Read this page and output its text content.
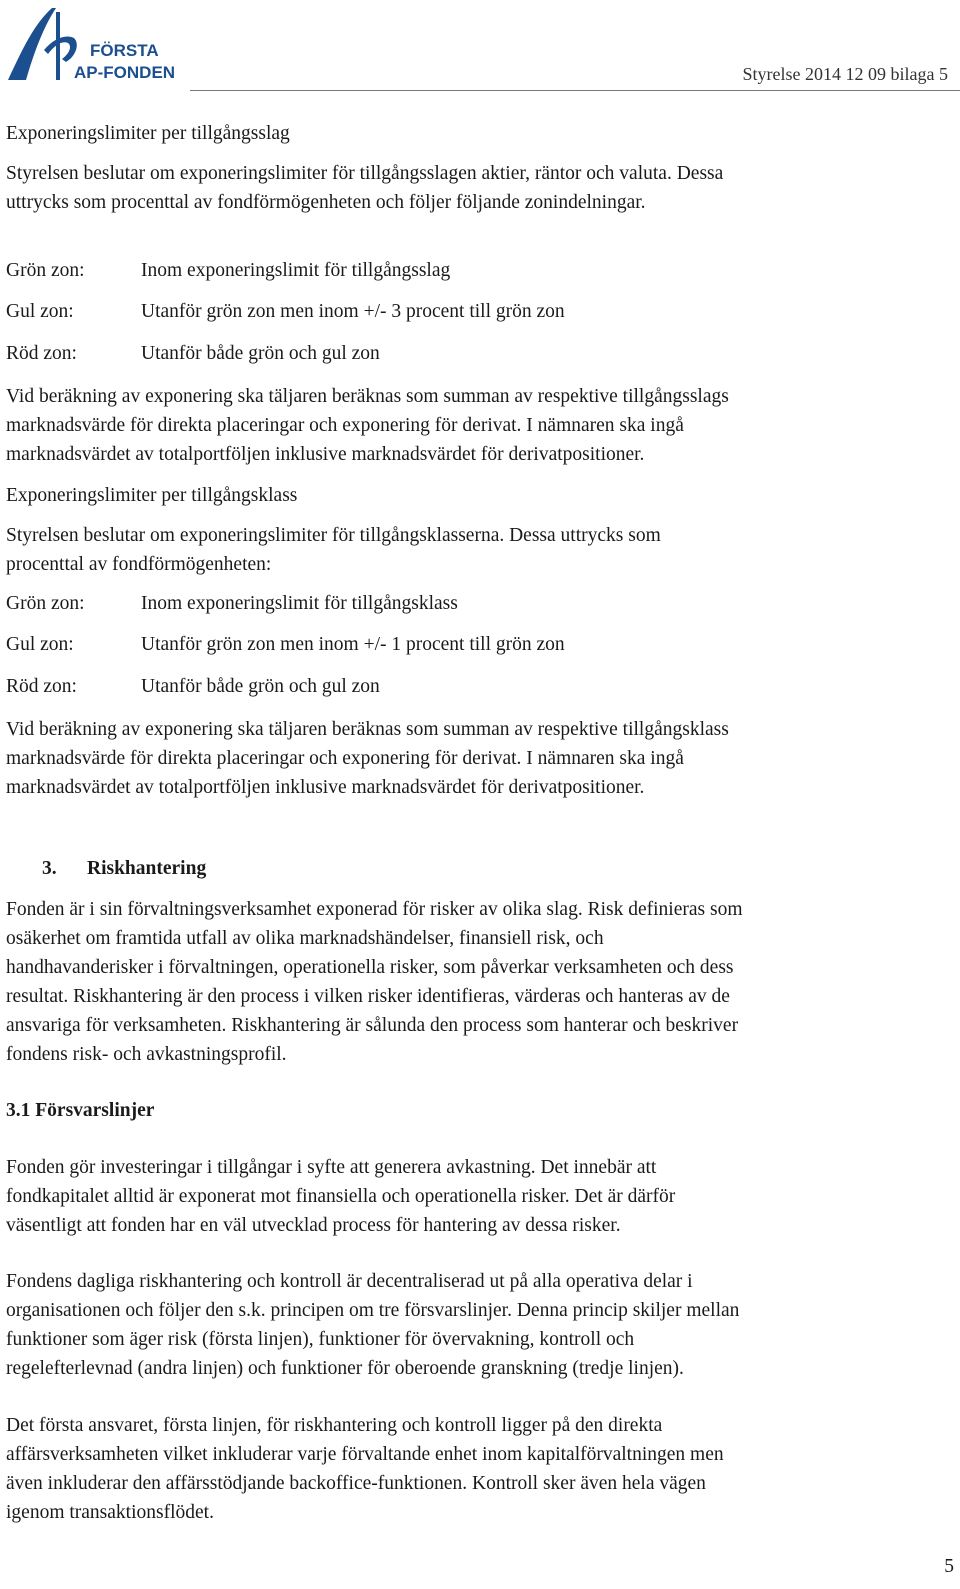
FÖRSTA
AP-FONDEN	Styrelse 2014 12 09 bilaga 5
Exponeringslimiter per tillgångsslag
Styrelsen beslutar om exponeringslimiter för tillgångsslagen aktier, räntor och valuta. Dessa
uttrycks som procenttal av fondförmögenheten och följer följande zonindelningar.
Grön zon:	Inom exponeringslimit för tillgångsslag
Gul zon:	Utanför grön zon men inom +/- 3 procent till grön zon
Röd zon:	Utanför både grön och gul zon
Vid beräkning av exponering ska täljaren beräknas som summan av respektive tillgångsslags
marknadsvärde för direkta placeringar och exponering för derivat. I nämnaren ska ingå
marknadsvärdet av totalportföljen inklusive marknadsvärdet för derivatpositioner.
Exponeringslimiter per tillgångsklass
Styrelsen beslutar om exponeringslimiter för tillgångsklasserna. Dessa uttrycks som
procenttal av fondförmögenheten:
Grön zon:	Inom exponeringslimit för tillgångsklass
Gul zon:	Utanför grön zon men inom +/- 1 procent till grön zon
Röd zon:	Utanför både grön och gul zon
Vid beräkning av exponering ska täljaren beräknas som summan av respektive tillgångsklass
marknadsvärde för direkta placeringar och exponering för derivat. I nämnaren ska ingå
marknadsvärdet av totalportföljen inklusive marknadsvärdet för derivatpositioner.
3. Riskhantering
Fonden är i sin förvaltningsverksamhet exponerad för risker av olika slag. Risk definieras som
osäkerhet om framtida utfall av olika marknadshändelser, finansiell risk, och
handhavanderisker i förvaltningen, operationella risker, som påverkar verksamheten och dess
resultat. Riskhantering är den process i vilken risker identifieras, värderas och hanteras av de
ansvariga för verksamheten. Riskhantering är sålunda den process som hanterar och beskriver
fondens risk- och avkastningsprofil.
3.1 Försvarslinjer
Fonden gör investeringar i tillgångar i syfte att generera avkastning. Det innebär att
fondkapitalet alltid är exponerat mot finansiella och operationella risker. Det är därför
väsentligt att fonden har en väl utvecklad process för hantering av dessa risker.
Fondens dagliga riskhantering och kontroll är decentraliserad ut på alla operativa delar i
organisationen och följer den s.k. principen om tre försvarslinjer. Denna princip skiljer mellan
funktioner som äger risk (första linjen), funktioner för övervakning, kontroll och
regelefterlevnad (andra linjen) och funktioner för oberoende granskning (tredje linjen).
Det första ansvaret, första linjen, för riskhantering och kontroll ligger på den direkta
affärsverksamheten vilket inkluderar varje förvaltande enhet inom kapitalförvaltningen men
även inkluderar den affärsstödjande backoffice-funktionen. Kontroll sker även hela vägen
igenom transaktionsflödet.
5
